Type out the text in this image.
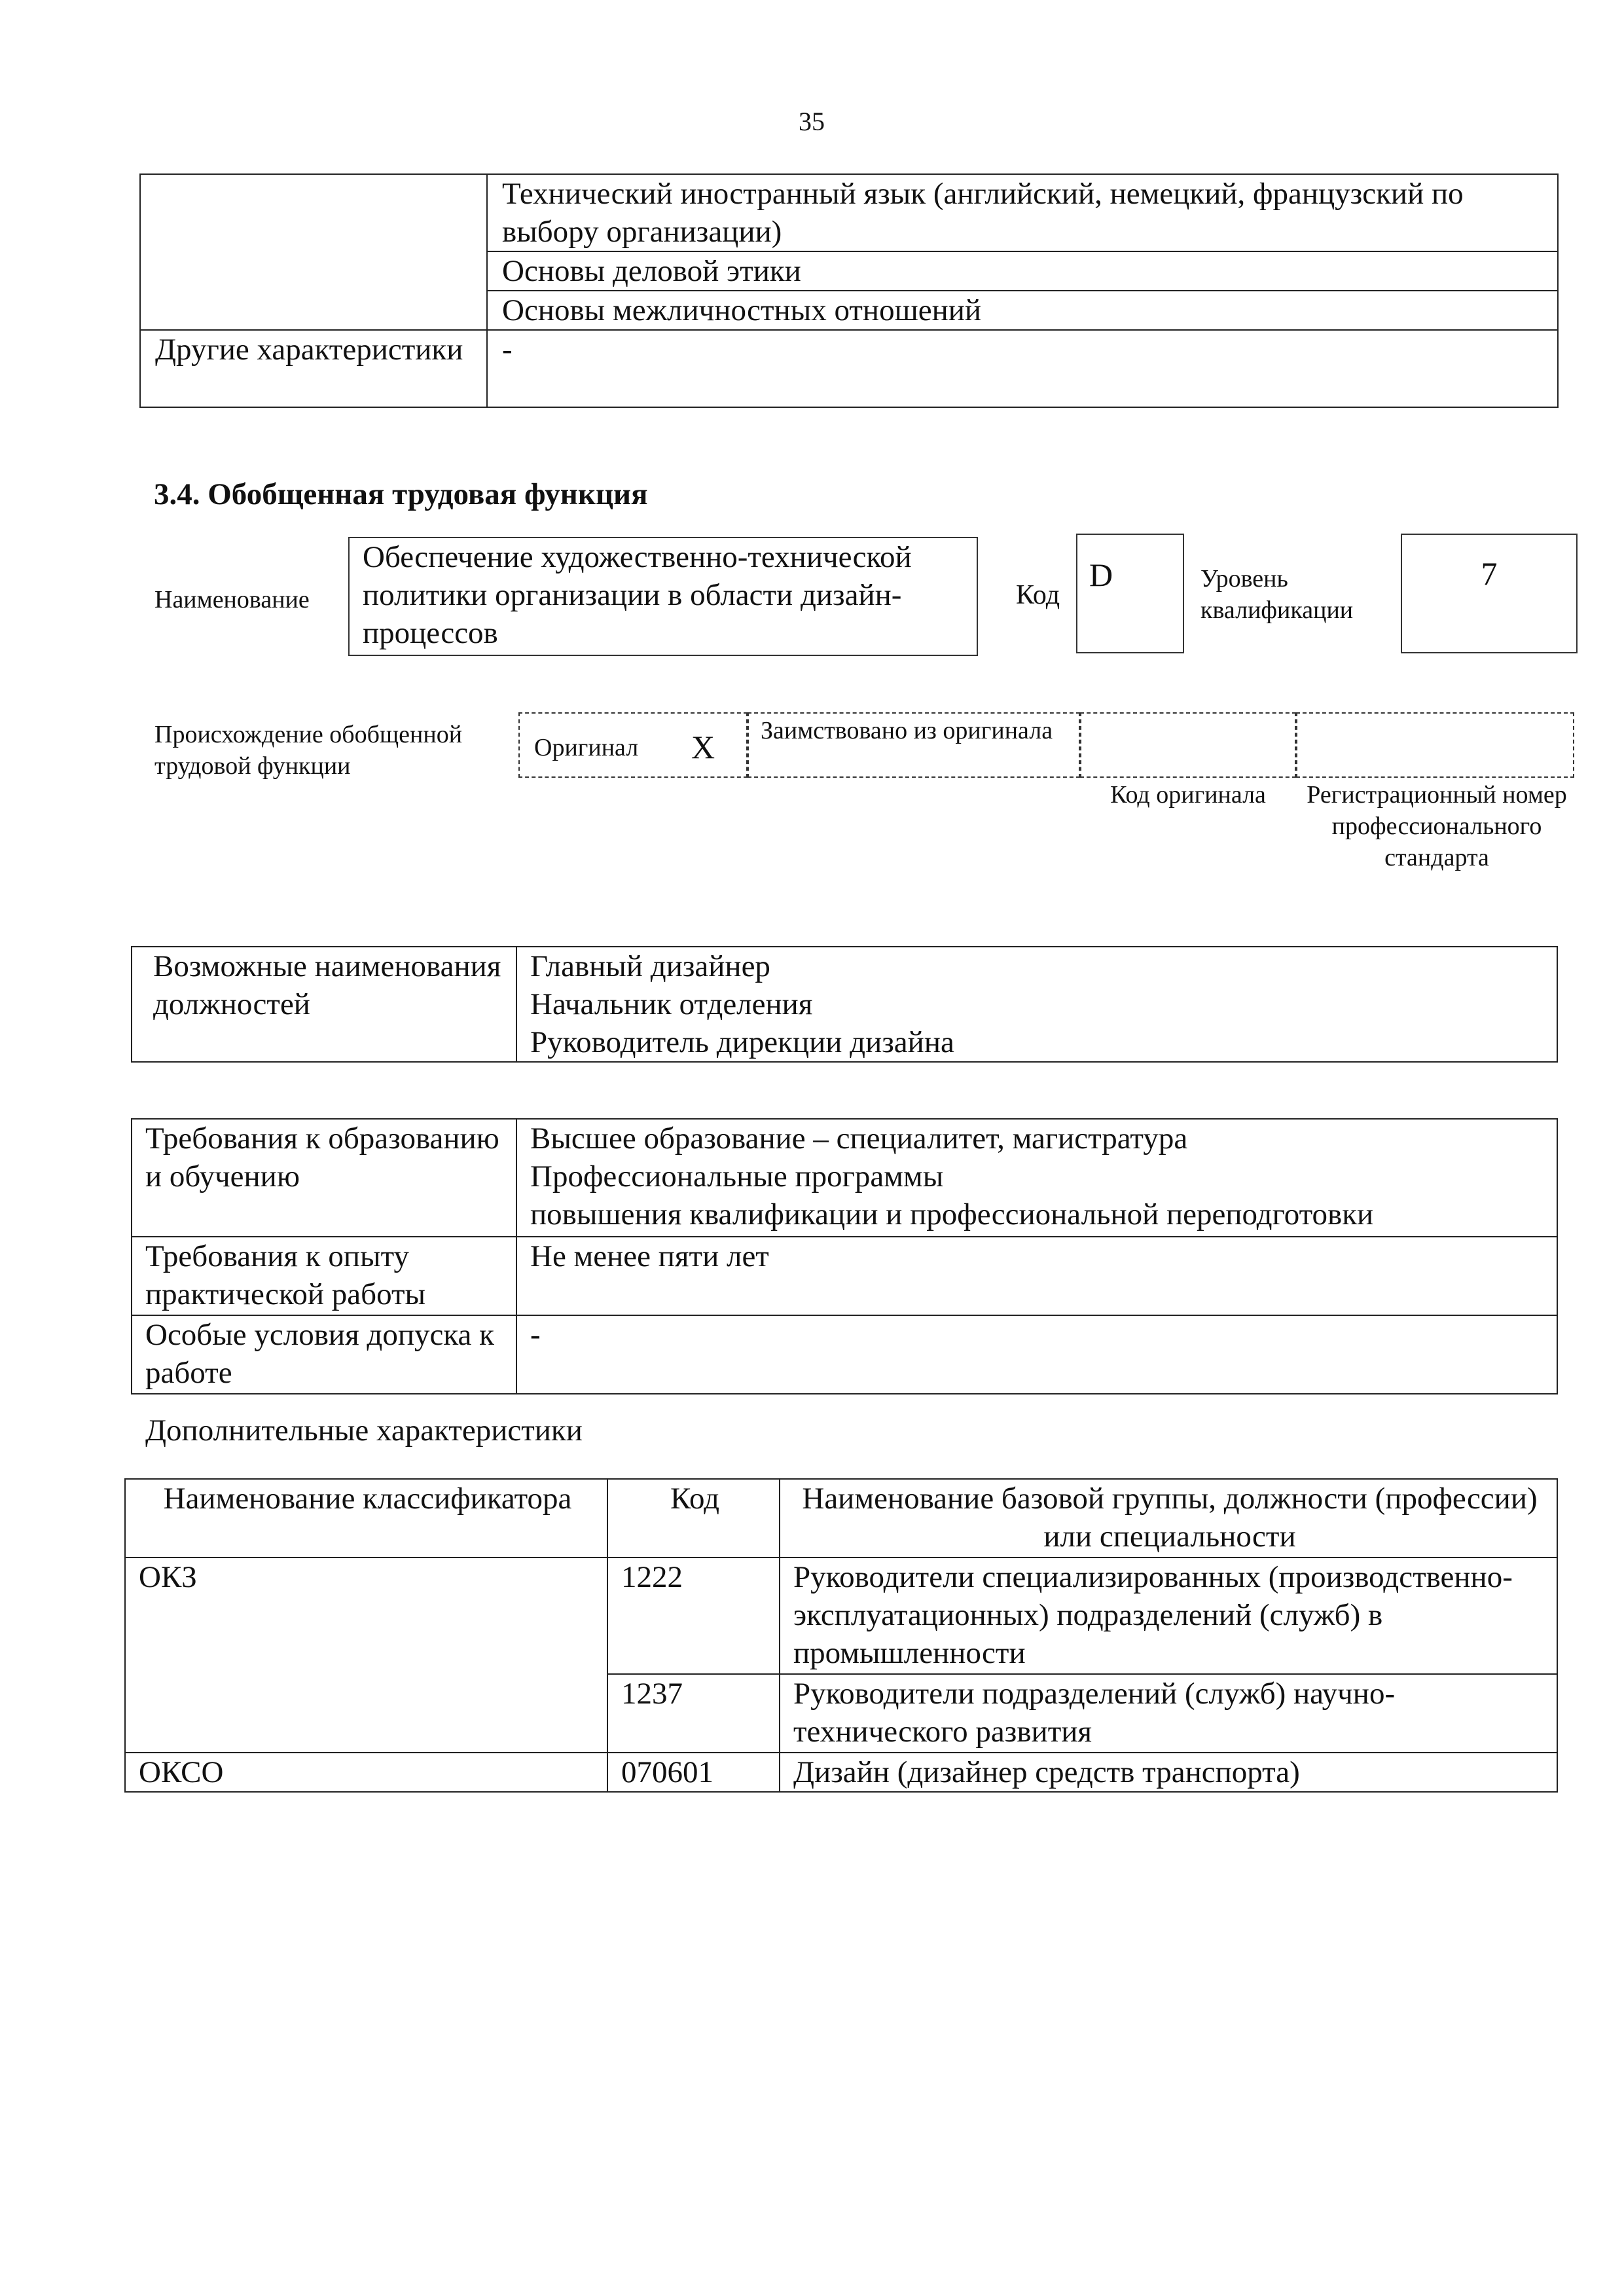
35
	Технический иностранный язык (английский, немецкий, французский по выбору организации)
	Основы деловой этики
	Основы межличностных отношений
Другие характеристики	-
3.4. Обобщенная трудовая функция
Наименование
Обеспечение художественно-технической политики организации в области дизайн-процессов
Код
D	Уровень квалификации
7
Происхождение обобщенной трудовой функции
Оригинал X	Заимствовано из оригинала
Код оригинала	Регистрационный номер профессионального стандарта
Возможные наименования должностей	
Главный дизайнер
Начальник отделения
Руководитель дирекции дизайна
Требования к образованию и обучению	Высшее образование – специалитет, магистратура
Профессиональные программы
повышения квалификации и профессиональной переподготовки

Требования к опыту практической работы	Не менее пяти лет

Особые условия допуска к работе	-
Дополнительные характеристики
Наименование классификатора	Код	Наименование базовой группы, должности (профессии) или специальности
ОКЗ	1222	Руководители специализированных (производственно-эксплуатационных) подразделений (служб) в промышленности
	1237	Руководители подразделений (служб) научно-технического развития
ОКСО	070601	Дизайн (дизайнер средств транспорта)
